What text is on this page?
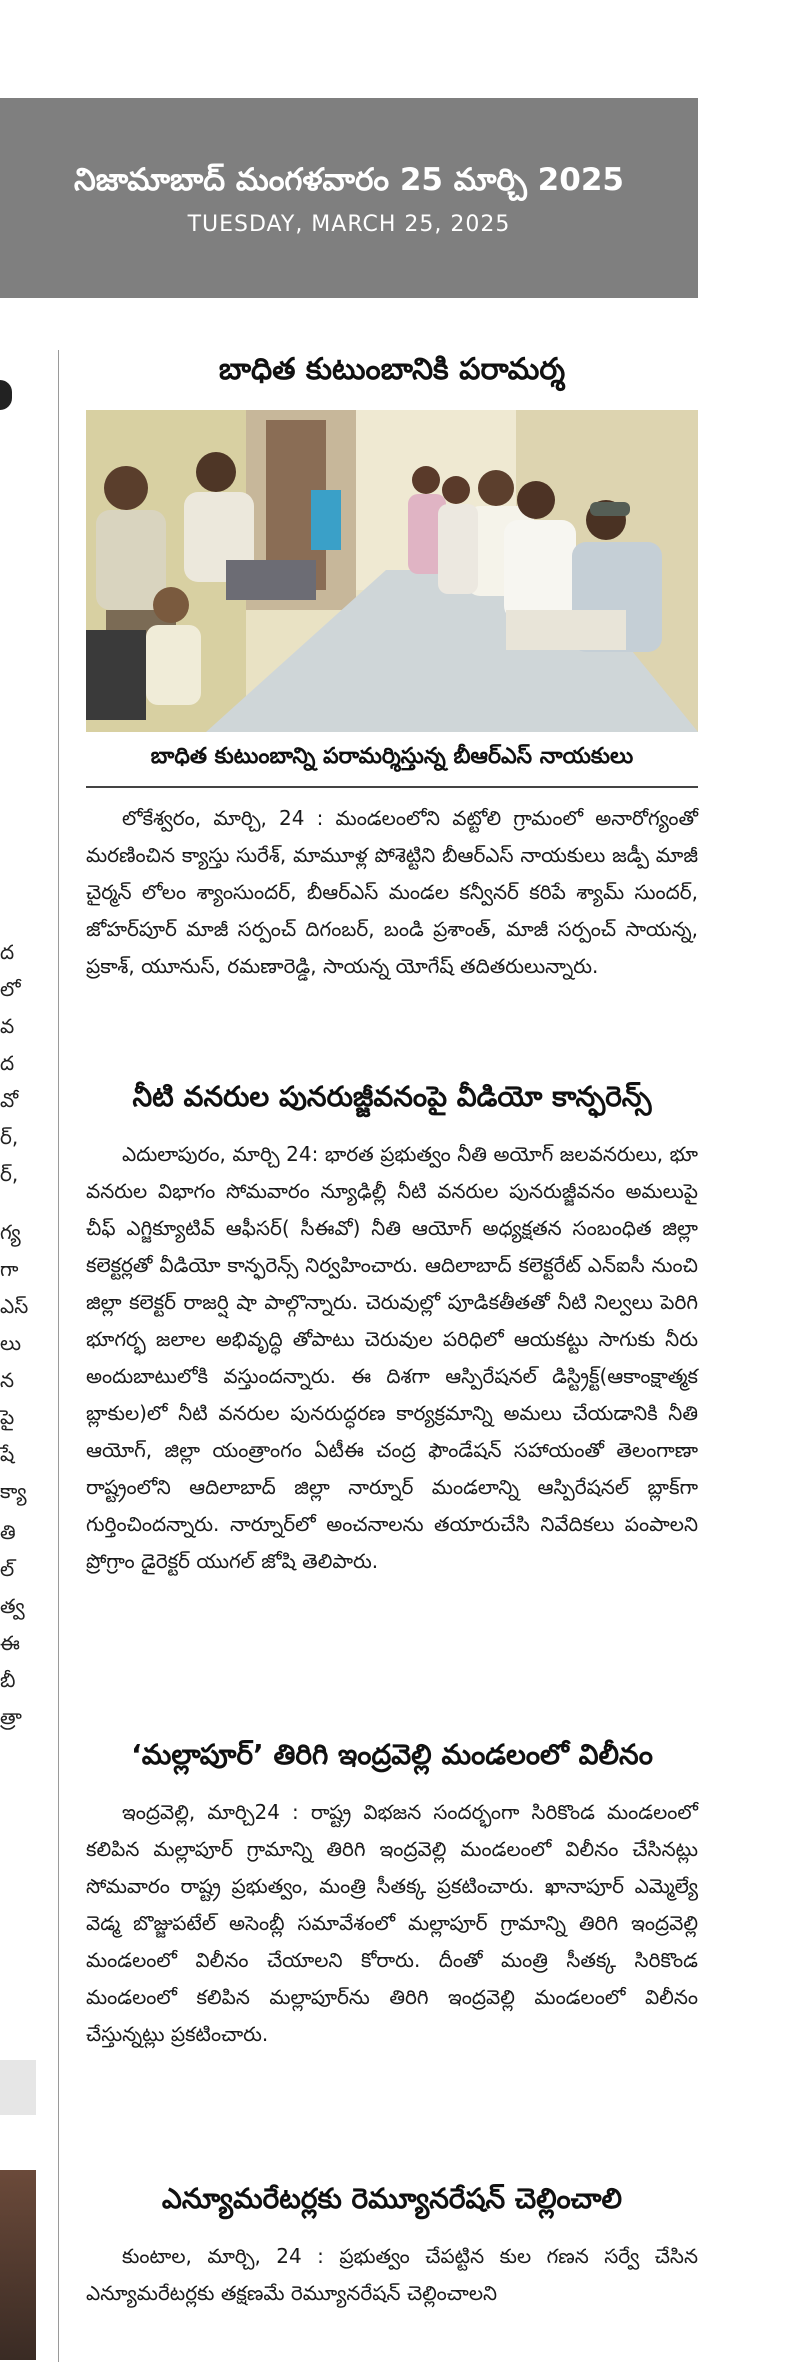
నిజామాబాద్ మంగళవారం 25 మార్చి 2025
TUESDAY, MARCH 25, 2025
ద
లో
వ
ద
వో
ర్,
ర్,
గ్య
గా
ఎస్
లు
న
పై
షే
క్యా
తి
ల్
త్వ
ఈ
బీ
త్రా
బాధిత కుటుంబానికి పరామర్శ
బాధిత కుటుంబాన్ని పరామర్శిస్తున్న బీఆర్ఎస్ నాయకులు

లోకేశ్వరం, మార్చి, 24 : మండలంలోని వట్టోలి గ్రామంలో అనారోగ్యంతో మరణించిన క్యాస్తు సురేశ్, మామూళ్ల పోశెట్టిని బీఆర్ఎస్ నాయకులు జడ్పీ మాజీ చైర్మన్ లోలం శ్యాంసుందర్, బీఆర్ఎస్ మండల కన్వీనర్ కరిపే శ్యామ్ సుందర్, జోహర్‌పూర్ మాజీ సర్పంచ్ దిగంబర్, బండి ప్రశాంత్, మాజీ సర్పంచ్ సాయన్న, ప్రకాశ్, యూనుస్, రమణారెడ్డి, సాయన్న యోగేష్ తదితరులున్నారు.

నీటి వనరుల పునరుజ్జీవనంపై వీడియో కాన్ఫరెన్స్

ఎదులాపురం, మార్చి 24: భారత ప్రభుత్వం నీతి అయోగ్ జలవనరులు, భూ వనరుల విభాగం సోమవారం న్యూఢిల్లీ నీటి వనరుల పునరుజ్జీవనం అమలుపై చీఫ్ ఎగ్జిక్యూటివ్ ఆఫీసర్( సీఈవో) నీతి ఆయోగ్ అధ్యక్షతన సంబంధిత జిల్లా కలెక్టర్లతో వీడియో కాన్ఫరెన్స్ నిర్వహించారు. ఆదిలాబాద్ కలెక్టరేట్ ఎన్ఐసీ నుంచి జిల్లా కలెక్టర్ రాజర్షి షా పాల్గొన్నారు. చెరువుల్లో పూడికతీతతో నీటి నిల్వలు పెరిగి భూగర్భ జలాల అభివృద్ధి తోపాటు చెరువుల పరిధిలో ఆయకట్టు సాగుకు నీరు అందుబాటులోకి వస్తుందన్నారు. ఈ దిశగా ఆస్పిరేషనల్ డిస్ట్రిక్ట్(ఆకాంక్షాత్మక బ్లాకుల)లో నీటి వనరుల పునరుద్ధరణ కార్యక్రమాన్ని అమలు చేయడానికి నీతి ఆయోగ్, జిల్లా యంత్రాంగం ఏటీఈ చంద్ర ఫౌండేషన్ సహాయంతో తెలంగాణా రాష్ట్రంలోని ఆదిలాబాద్ జిల్లా నార్నూర్ మండలాన్ని ఆస్పిరేషనల్ బ్లాక్‌గా గుర్తించిందన్నారు. నార్నూర్‌లో అంచనాలను తయారుచేసి నివేదికలు పంపాలని ప్రోగ్రాం డైరెక్టర్ యుగల్ జోషి తెలిపారు.

‘మల్లాపూర్’ తిరిగి ఇంద్రవెల్లి మండలంలో విలీనం

ఇంద్రవెల్లి, మార్చి24 : రాష్ట్ర విభజన సందర్భంగా సిరికొండ మండలంలో కలిపిన మల్లాపూర్ గ్రామాన్ని తిరిగి ఇంద్రవెల్లి మండలంలో విలీనం చేసినట్లు సోమవారం రాష్ట్ర ప్రభుత్వం, మంత్రి సీతక్క ప్రకటించారు. ఖానాపూర్ ఎమ్మెల్యే వెడ్మ బొజ్జుపటేల్ అసెంబ్లీ సమావేశంలో మల్లాపూర్ గ్రామాన్ని తిరిగి ఇంద్రవెల్లి మండలంలో విలీనం చేయాలని కోరారు. దీంతో మంత్రి సీతక్క సిరికొండ మండలంలో కలిపిన మల్లాపూర్‌ను తిరిగి ఇంద్రవెల్లి మండలంలో విలీనం చేస్తున్నట్లు ప్రకటించారు.

ఎన్యూమరేటర్లకు రెమ్యూనరేషన్ చెల్లించాలి

కుంటాల, మార్చి, 24 : ప్రభుత్వం చేపట్టిన కుల గణన సర్వే చేసిన ఎన్యూమరేటర్లకు తక్షణమే రెమ్యూనరేషన్ చెల్లించాలని
